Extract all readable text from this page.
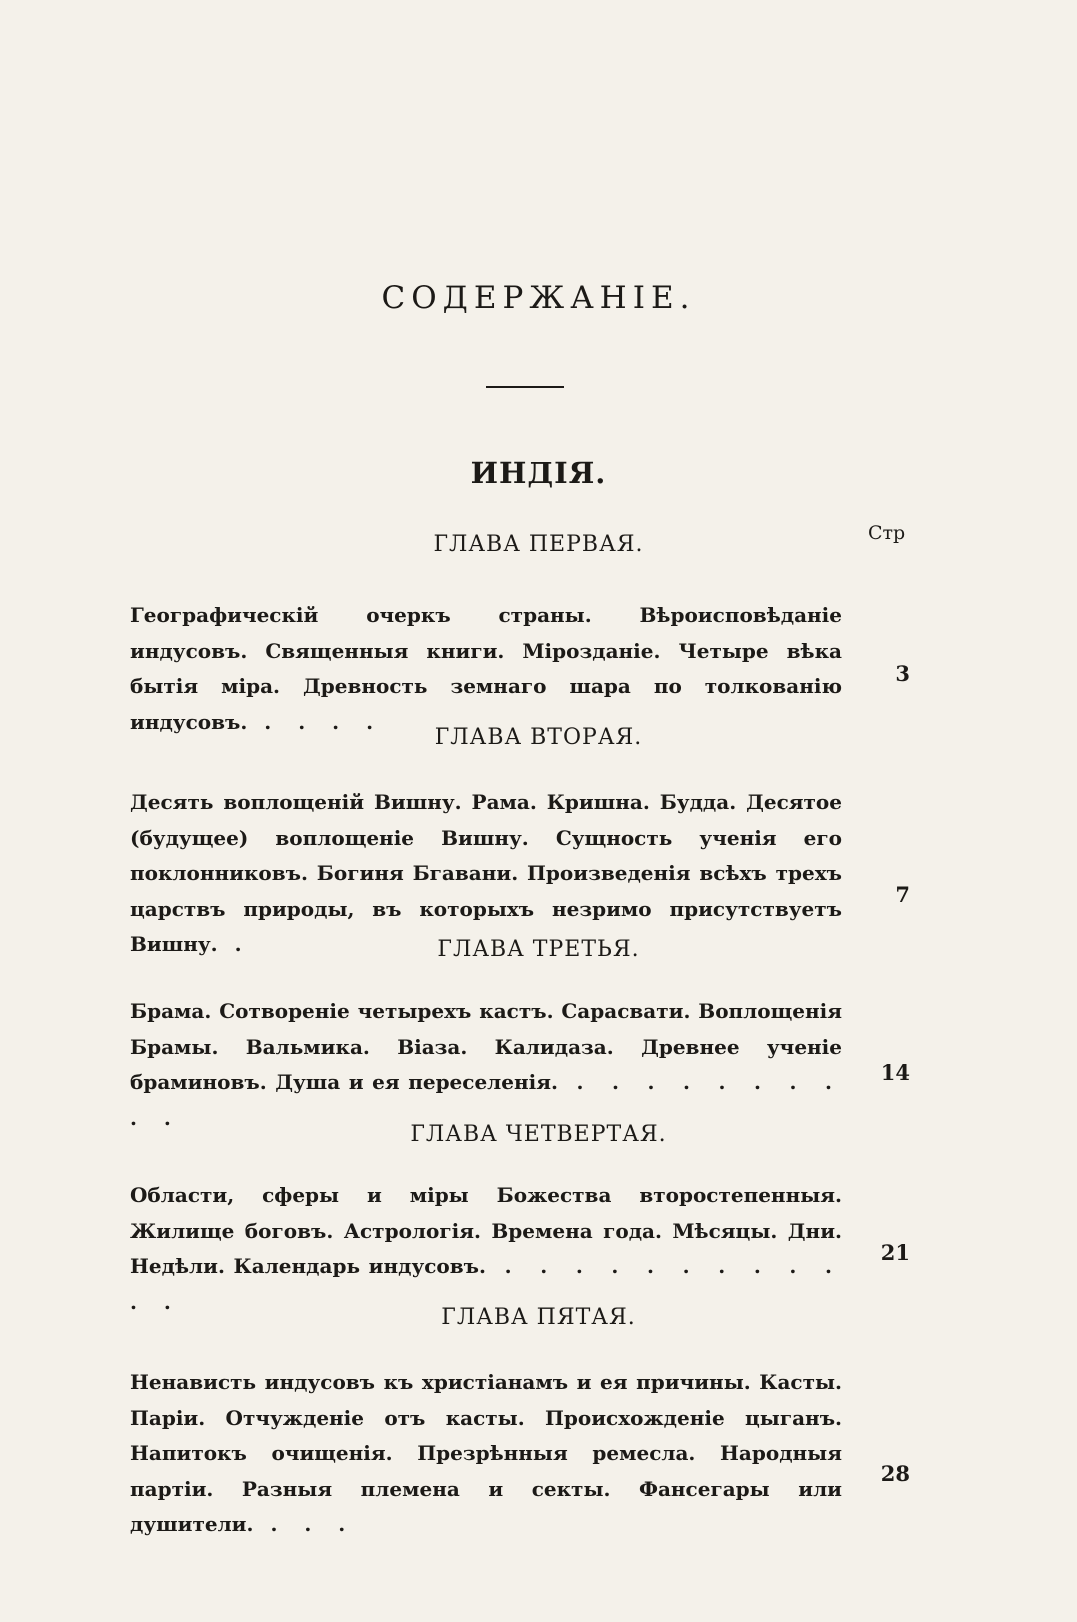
СОДЕРЖАНІЕ.
ИНДІЯ.
Стр
ГЛАВА ПЕРВАЯ.
Географическій очеркъ страны. Вѣроисповѣданіе индусовъ. Священныя книги. Мірозданіе. Четыре вѣка бытія міра. Древность земнаго шара по толкованію индусовъ. . . . .
3
ГЛАВА ВТОРАЯ.
Десять воплощеній Вишну. Рама. Кришна. Будда. Десятое (будущее) воплощеніе Вишну. Сущность ученія его поклонниковъ. Богиня Бгавани. Произведенія всѣхъ трехъ царствъ природы, въ которыхъ незримо присутствуетъ Вишну. .
7
ГЛАВА ТРЕТЬЯ.
Брама. Сотвореніе четырехъ кастъ. Сарасвати. Воплощенія Брамы. Вальмика. Віаза. Калидаза. Древнее ученіе браминовъ. Душа и ея переселенія. . . . . . . . . . .
14
ГЛАВА ЧЕТВЕРТАЯ.
Области, сферы и міры Божества второстепенныя. Жилище боговъ. Астрологія. Времена года. Мѣсяцы. Дни. Недѣли. Календарь индусовъ. . . . . . . . . . . . .
21
ГЛАВА ПЯТАЯ.
Ненависть индусовъ къ христіанамъ и ея причины. Касты. Паріи. Отчужденіе отъ касты. Происхожденіе цыганъ. Напитокъ очищенія. Презрѣнныя ремесла. Народныя партіи. Разныя племена и секты. Фансегары или душители. . . .
28
